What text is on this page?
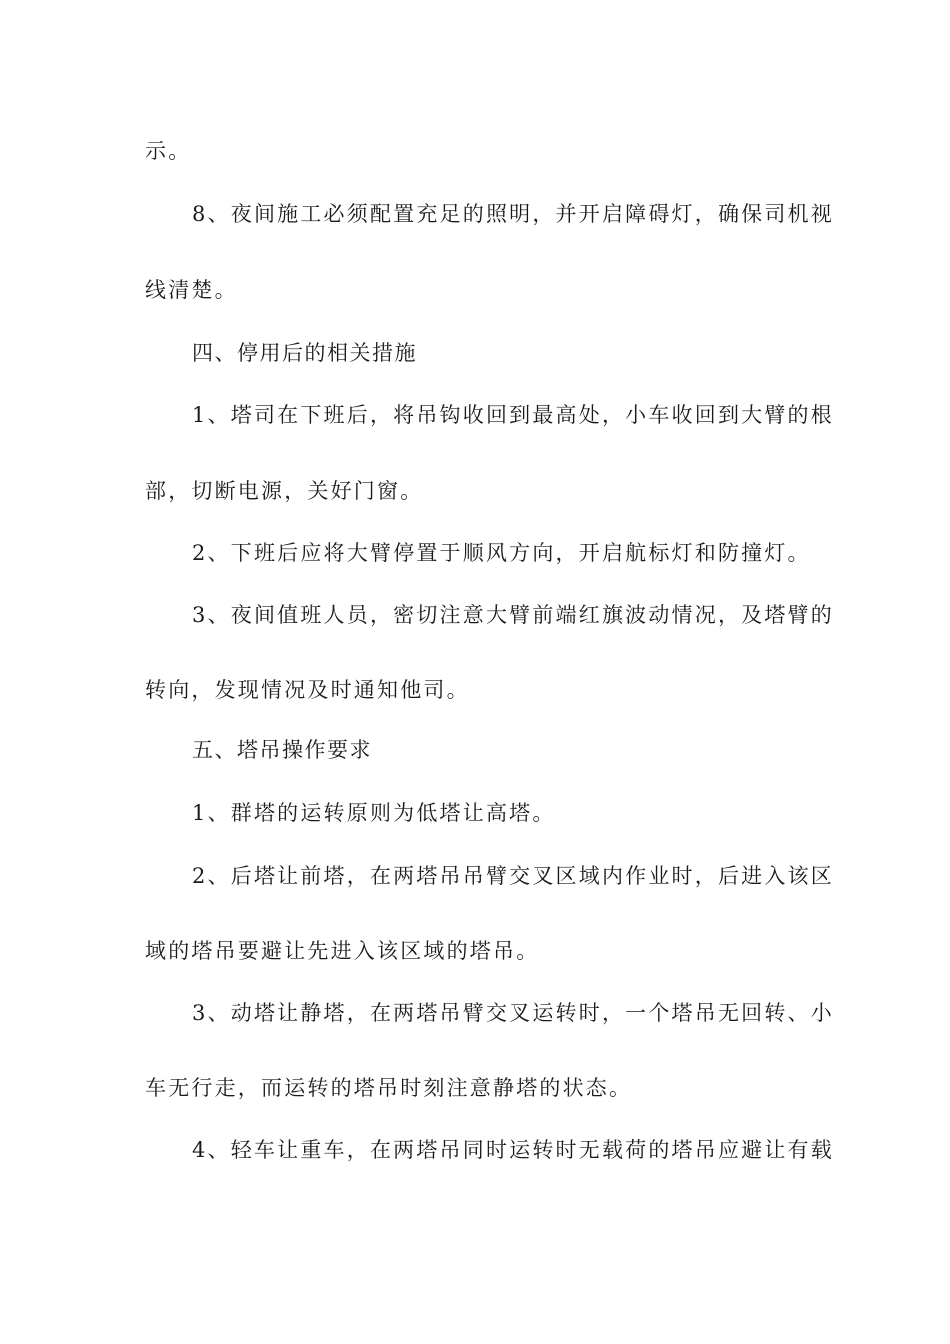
示。
8、夜间施工必须配置充足的照明，并开启障碍灯，确保司机视
线清楚。
四、停用后的相关措施
1、塔司在下班后，将吊钩收回到最高处，小车收回到大臂的根
部，切断电源，关好门窗。
2、下班后应将大臂停置于顺风方向，开启航标灯和防撞灯。
3、夜间值班人员，密切注意大臂前端红旗波动情况，及塔臂的
转向，发现情况及时通知他司。
五、塔吊操作要求
1、群塔的运转原则为低塔让高塔。
2、后塔让前塔，在两塔吊吊臂交叉区域内作业时，后进入该区
域的塔吊要避让先进入该区域的塔吊。
3、动塔让静塔，在两塔吊臂交叉运转时，一个塔吊无回转、小
车无行走，而运转的塔吊时刻注意静塔的状态。
4、轻车让重车，在两塔吊同时运转时无载荷的塔吊应避让有载
